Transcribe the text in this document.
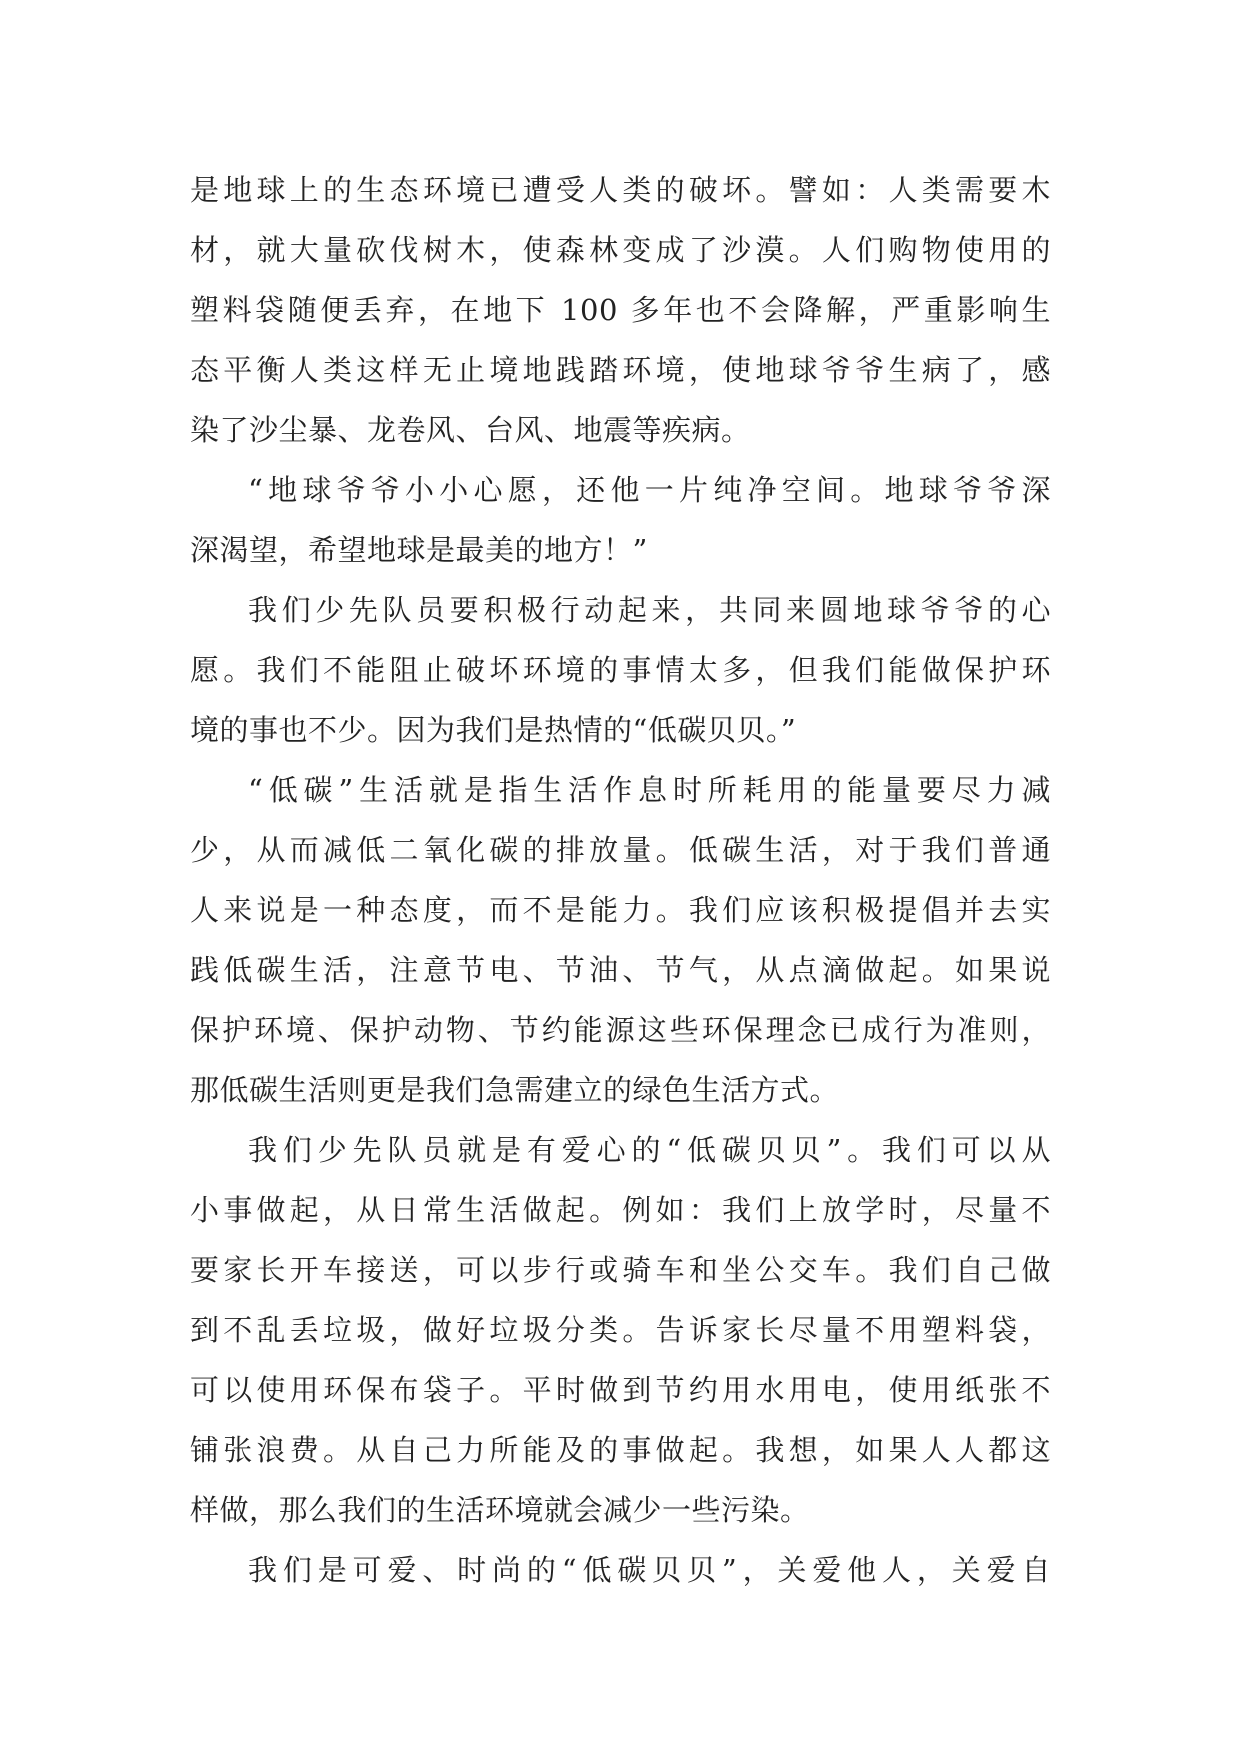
是地球上的生态环境已遭受人类的破坏。譬如：人类需要木
材，就大量砍伐树木，使森林变成了沙漠。人们购物使用的
塑料袋随便丢弃，在地下 100 多年也不会降解，严重影响生
态平衡人类这样无止境地践踏环境，使地球爷爷生病了，感
染了沙尘暴、龙卷风、台风、地震等疾病。
“地球爷爷小小心愿，还他一片纯净空间。地球爷爷深
深渴望，希望地球是最美的地方！”
我们少先队员要积极行动起来，共同来圆地球爷爷的心
愿。我们不能阻止破坏环境的事情太多，但我们能做保护环
境的事也不少。因为我们是热情的“低碳贝贝。”
“低碳”生活就是指生活作息时所耗用的能量要尽力减
少，从而减低二氧化碳的排放量。低碳生活，对于我们普通
人来说是一种态度，而不是能力。我们应该积极提倡并去实
践低碳生活，注意节电、节油、节气，从点滴做起。如果说
保护环境、保护动物、节约能源这些环保理念已成行为准则，
那低碳生活则更是我们急需建立的绿色生活方式。
我们少先队员就是有爱心的“低碳贝贝”。我们可以从
小事做起，从日常生活做起。例如：我们上放学时，尽量不
要家长开车接送，可以步行或骑车和坐公交车。我们自己做
到不乱丢垃圾，做好垃圾分类。告诉家长尽量不用塑料袋，
可以使用环保布袋子。平时做到节约用水用电，使用纸张不
铺张浪费。从自己力所能及的事做起。我想，如果人人都这
样做，那么我们的生活环境就会减少一些污染。
我们是可爱、时尚的“低碳贝贝”，关爱他人，关爱自
